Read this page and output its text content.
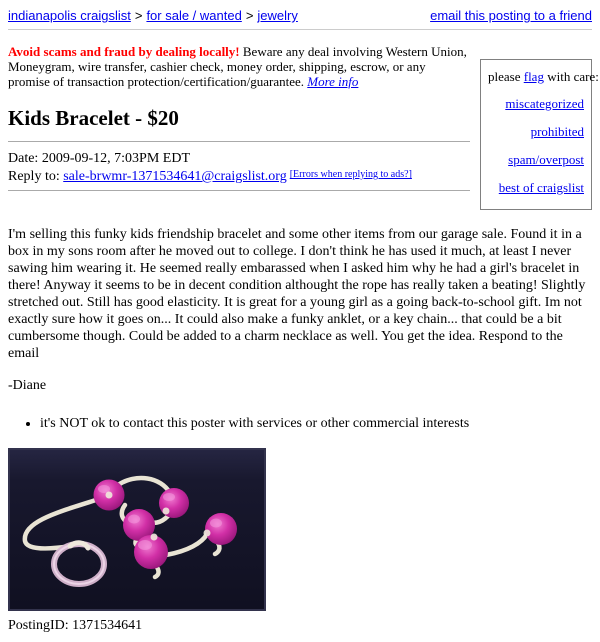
indianapolis craigslist > for sale / wanted > jewelry	email this posting to a friend
please flag with care:
miscategorized
prohibited
spam/overpost
best of craigslist

Avoid scams and fraud by dealing locally! Beware any deal involving Western Union, Moneygram, wire transfer, cashier check, money order, shipping, escrow, or any promise of transaction protection/certification/guarantee. More info

Kids Bracelet - $20
Date: 2009-09-12, 7:03PM EDT
Reply to: sale-brwmr-1371534641@craigslist.org [Errors when replying to ads?]

I'm selling this funky kids friendship bracelet and some other items from our garage sale. Found it in a box in my sons room after he moved out to college. I don't think he has used it much, at least I never sawing him wearing it. He seemed really embarassed when I asked him why he had a girl's bracelet in there! Anyway it seems to be in decent condition althought the rope has really taken a beating! Slightly stretched out. Still has good elasticity. It is great for a young girl as a going back-to-school gift. Im not exactly sure how it goes on... It could also make a funky anklet, or a key chain... that could be a bit cumbersome though. Could be added to a charm necklace as well. You get the idea. Respond to the email

-Diane

• it's NOT ok to contact this poster with services or other commercial interests

PostingID: 1371534641
